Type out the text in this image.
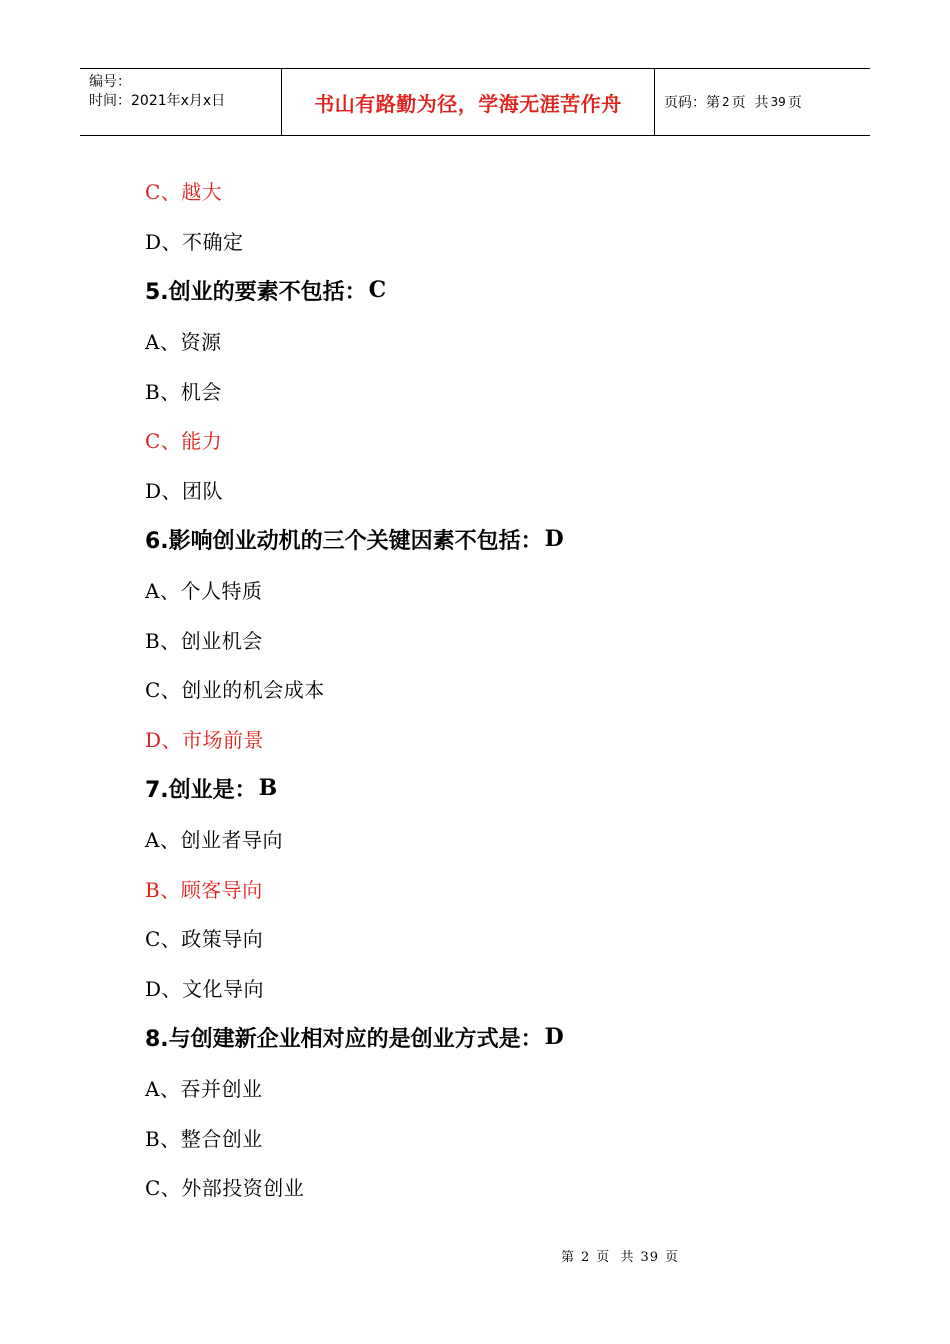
编号：
时间：2021年x月x日	书山有路勤为径，学海无涯苦作舟	页码：第 2 页  共 39 页
C、越大
D、不确定
5.创业的要素不包括： C
A、资源
B、机会
C、能力
D、团队
6.影响创业动机的三个关键因素不包括： D
A、个人特质
B、创业机会
C、创业的机会成本
D、市场前景
7.创业是： B
A、创业者导向
B、顾客导向
C、政策导向
D、文化导向
8.与创建新企业相对应的是创业方式是： D
A、吞并创业
B、整合创业
C、外部投资创业
第 2 页  共 39 页
